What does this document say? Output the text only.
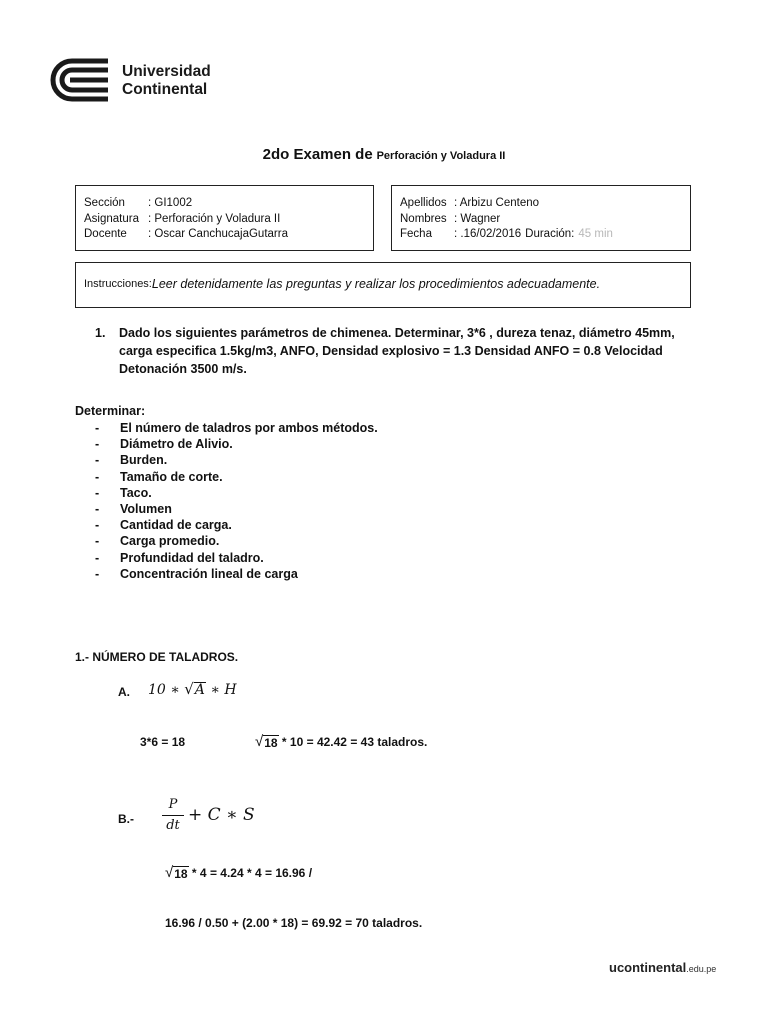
Universidad
Continental
2do Examen de Perforación y Voladura II
Sección	: GI1002
Asignatura : Perforación y Voladura II
Docente	: Oscar CanchucajaGutarra
Apellidos : Arbizu Centeno
Nombres : Wagner
Fecha	: .16/02/2016 Duración: 45 min
Instrucciones: Leer detenidamente las preguntas y realizar los procedimientos adecuadamente.
1.	Dado los siguientes parámetros de chimenea. Determinar, 3*6 , dureza tenaz, diámetro 45mm, carga especifica 1.5kg/m3, ANFO, Densidad explosivo = 1.3 Densidad ANFO = 0.8 Velocidad Detonación 3500 m/s.
Determinar:
-	El número de taladros por ambos métodos.
-	Diámetro de Alivio.
-	Burden.
-	Tamaño de corte.
-	Taco.
-	Volumen
-	Cantidad de carga.
-	Carga promedio.
-	Profundidad del taladro.
-	Concentración lineal de carga
1.- NÚMERO DE TALADROS.
A. 10 ∗ √ A ∗ H
3*6 = 18	√ 18 * 10 = 42.42 = 43 taladros.
B.-
P
dt
+ C ∗ S
√ 18 * 4 = 4.24 * 4 = 16.96 /
16.96 / 0.50 + (2.00 * 18) = 69.92 = 70 taladros.
ucontinental.edu.pe
